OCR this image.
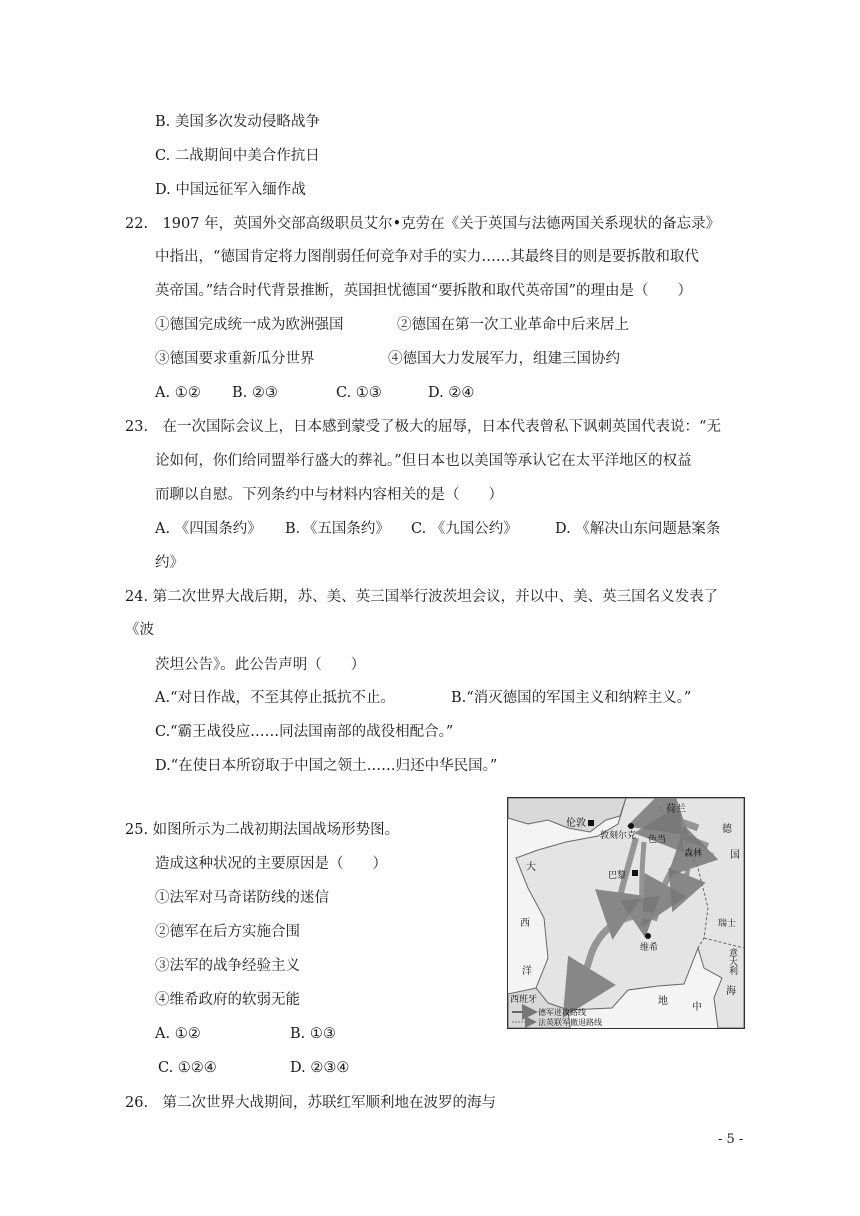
B. 美国多次发动侵略战争
C. 二战期间中美合作抗日
D. 中国远征军入缅作战
22.　1907 年，英国外交部高级职员艾尔•克劳在《关于英国与法德两国关系现状的备忘录》
中指出，“德国肯定将力图削弱任何竞争对手的实力……其最终目的则是要拆散和取代
英帝国。”结合时代背景推断，英国担忧德国“要拆散和取代英帝国”的理由是（　　）
①德国完成统一成为欧洲强国	②德国在第一次工业革命中后来居上
③德国要求重新瓜分世界	④德国大力发展军力，组建三国协约
A. ①② B. ②③	C. ①③	D. ②④
23.　在一次国际会议上，日本感到蒙受了极大的屈辱，日本代表曾私下讽刺英国代表说：“无
论如何，你们给同盟举行盛大的葬礼。”但日本也以美国等承认它在太平洋地区的权益
而聊以自慰。下列条约中与材料内容相关的是（　　）
A. 《四国条约》 B．《五国条约》 C. 《九国公约》	D. 《解决山东问题悬案条
约》
24. 第二次世界大战后期，苏、美、英三国举行波茨坦会议，并以中、美、英三国名义发表了
《波
茨坦公告》。此公告声明（　　）
A.“对日作战，不至其停止抵抗不止。	B.“消灭德国的军国主义和纳粹主义。”
C.“霸王战役应……同法国南部的战役相配合。”
D.“在使日本所窃取于中国之领土……归还中华民国。”
25. 如图所示为二战初期法国战场形势图。
造成这种状况的主要原因是（　　）
①法军对马奇诺防线的迷信
②德军在后方实施合围
③法军的战争经验主义
④维希政府的软弱无能
A. ①②	B. ①③
C. ①②④	D. ②③④
伦敦
荷兰
敦刻尔克 色当
森林
德
国
巴黎
大
西
洋
维希
瑞士
意大利
西班牙	地
中
海
德军进攻路线
法英联军撤退路线
26.　第二次世界大战期间，苏联红军顺利地在波罗的海与
- 5 -
